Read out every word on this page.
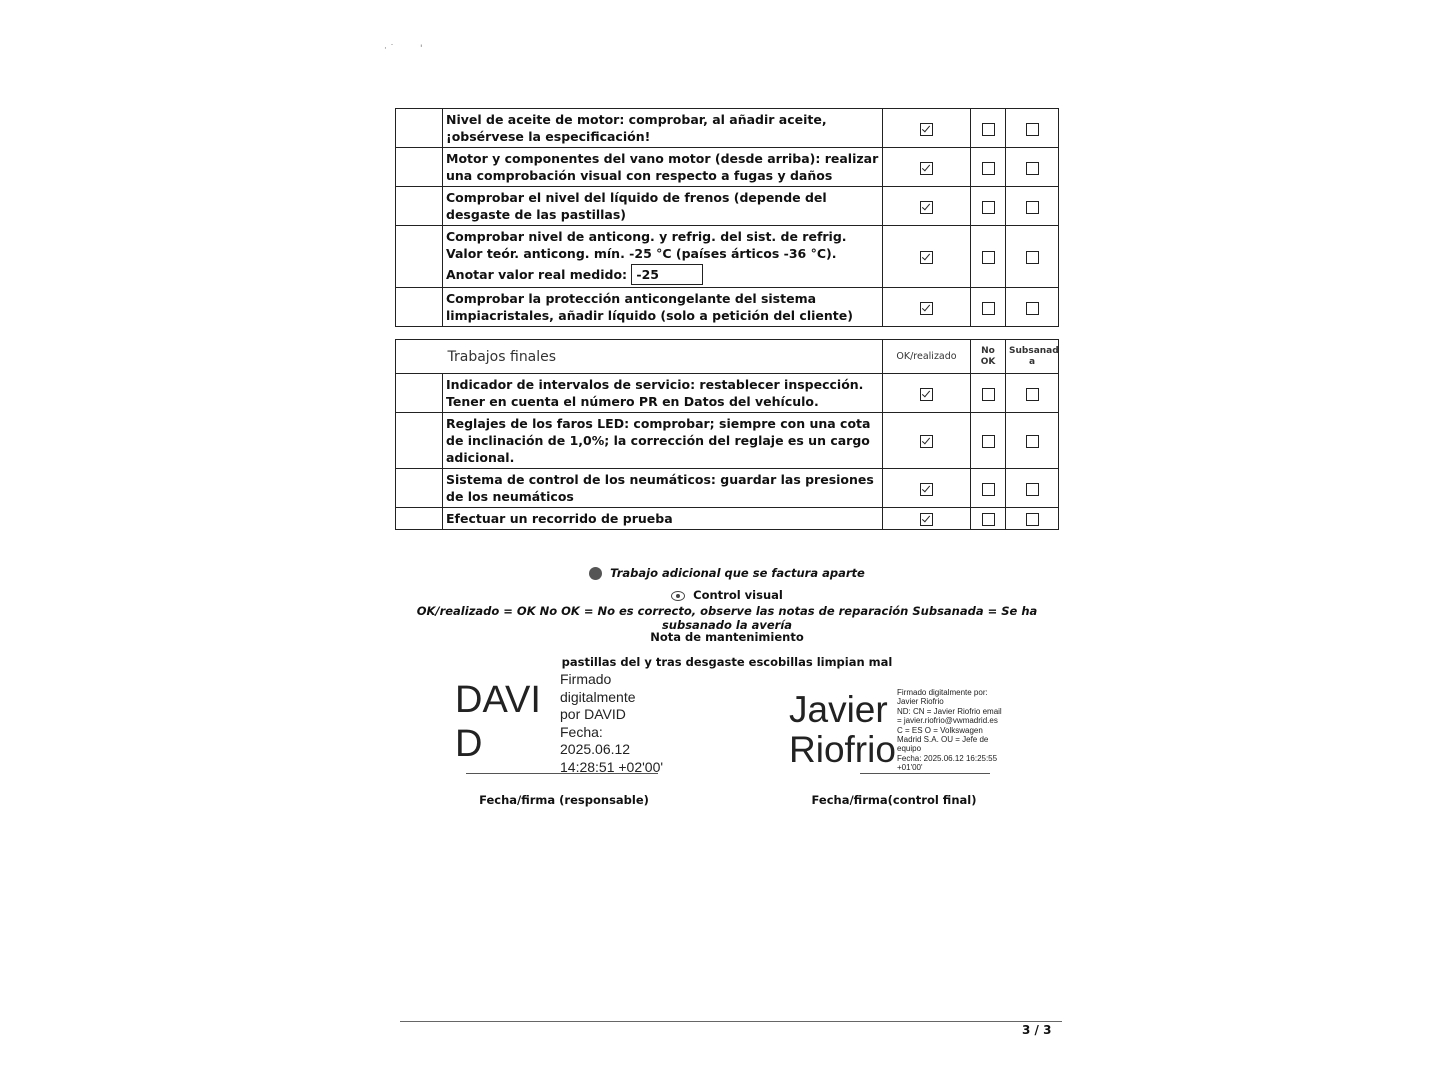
· ˙         '
	Nivel de aceite de motor: comprobar, al añadir aceite, ¡obsérvese la especificación!			
	Motor y componentes del vano motor (desde arriba): realizar una comprobación visual con respecto a fugas y daños			
	Comprobar el nivel del líquido de frenos (depende del desgaste de las pastillas)			
	Comprobar nivel de anticong. y refrig. del sist. de refrig. Valor teór. anticong. mín. -25 °C (países árticos -36 °C). Anotar valor real medido: -25			
	Comprobar la protección anticongelante del sistema limpiacristales, añadir líquido (solo a petición del cliente)			
	Trabajos finales	OK/realizado	No OK	Subsanad a
	Indicador de intervalos de servicio: restablecer inspección. Tener en cuenta el número PR en Datos del vehículo.			
	Reglajes de los faros LED: comprobar; siempre con una cota de inclinación de 1,0%; la corrección del reglaje es un cargo adicional.			
	Sistema de control de los neumáticos: guardar las presiones de los neumáticos			
	Efectuar un recorrido de prueba			
Trabajo adicional que se factura aparte
Control visual
OK/realizado = OK No OK = No es correcto, observe las notas de reparación Subsanada = Se ha subsanado la avería
Nota de mantenimiento
pastillas del y tras desgaste escobillas limpian mal
DAVI
D
Firmado
digitalmente
por DAVID
Fecha:
2025.06.12
14:28:51 +02'00'
Fecha/firma (responsable)
Javier
Riofrio
Firmado digitalmente por:
Javier Riofrio
ND: CN = Javier Riofrio email
= javier.riofrio@vwmadrid.es
C = ES O = Volkswagen
Madrid S.A. OU = Jefe de
equipo
Fecha: 2025.06.12 16:25:55
+01'00'
Fecha/firma(control final)
3 / 3
